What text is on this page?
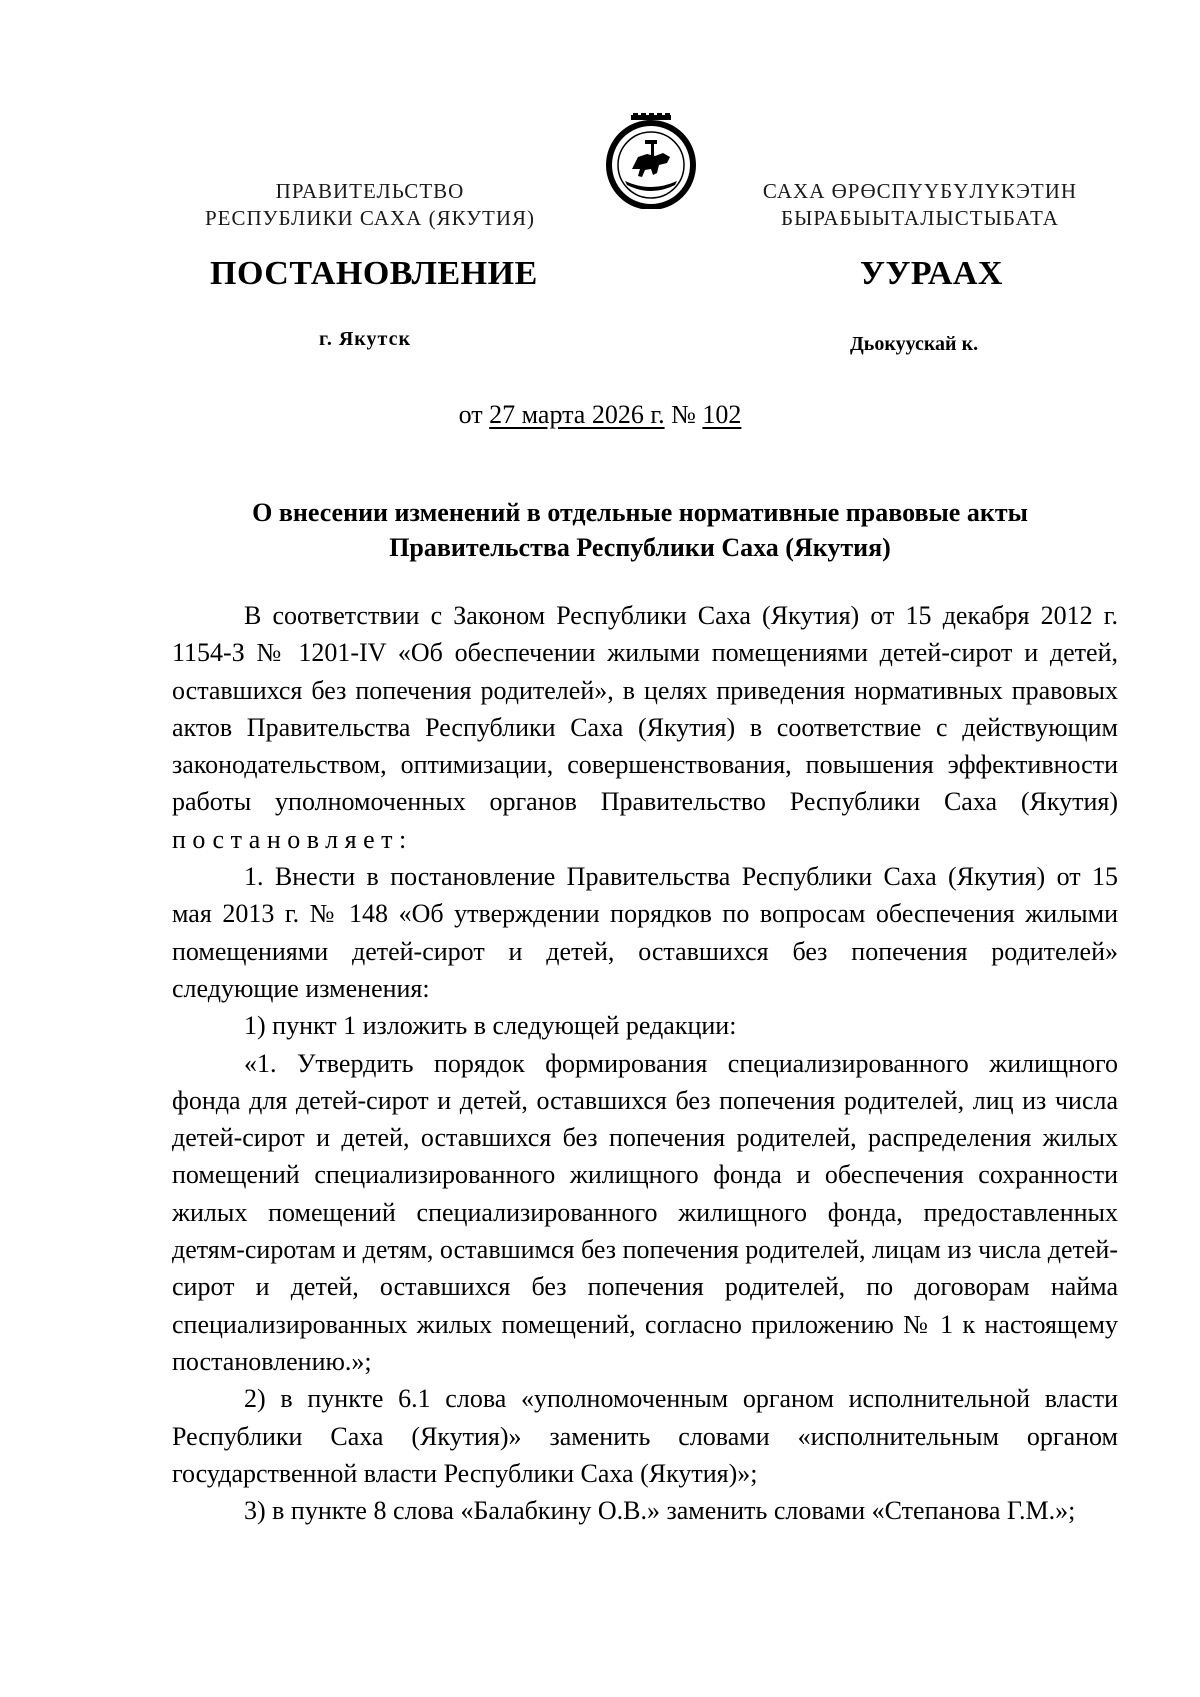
ПРАВИТЕЛЬСТВО
РЕСПУБЛИКИ САХА (ЯКУТИЯ)
САХА ӨРӨСПҮҮБҮЛҮКЭТИН
БЫРАБЫЫТАЛЫСТЫБАТА
ПОСТАНОВЛЕНИЕ	УУРААХ
г. Якутск	Дьокуускай к.
от 27 марта 2026 г. № 102
О внесении изменений в отдельные нормативные правовые акты
Правительства Республики Саха (Якутия)

В соответствии с Законом Республики Саха (Якутия) от 15 декабря 2012 г. 1154-З № 1201-IV «Об обеспечении жилыми помещениями детей-сирот и детей, оставшихся без попечения родителей», в целях приведения нормативных правовых актов Правительства Республики Саха (Якутия) в соответствие с действующим законодательством, оптимизации, совершенствования, повышения эффективности работы уполномоченных органов Правительство Республики Саха (Якутия) постановляет:

1. Внести в постановление Правительства Республики Саха (Якутия) от 15 мая 2013 г. № 148 «Об утверждении порядков по вопросам обеспечения жилыми помещениями детей-сирот и детей, оставшихся без попечения родителей» следующие изменения:

1) пункт 1 изложить в следующей редакции:

«1. Утвердить порядок формирования специализированного жилищного фонда для детей-сирот и детей, оставшихся без попечения родителей, лиц из числа детей-сирот и детей, оставшихся без попечения родителей, распределения жилых помещений специализированного жилищного фонда и обеспечения сохранности жилых помещений специализированного жилищного фонда, предоставленных детям-сиротам и детям, оставшимся без попечения родителей, лицам из числа детей-сирот и детей, оставшихся без попечения родителей, по договорам найма специализированных жилых помещений, согласно приложению № 1 к настоящему постановлению.»;

2) в пункте 6.1 слова «уполномоченным органом исполнительной власти Республики Саха (Якутия)» заменить словами «исполнительным органом государственной власти Республики Саха (Якутия)»;

3) в пункте 8 слова «Балабкину О.В.» заменить словами «Степанова Г.М.»;
